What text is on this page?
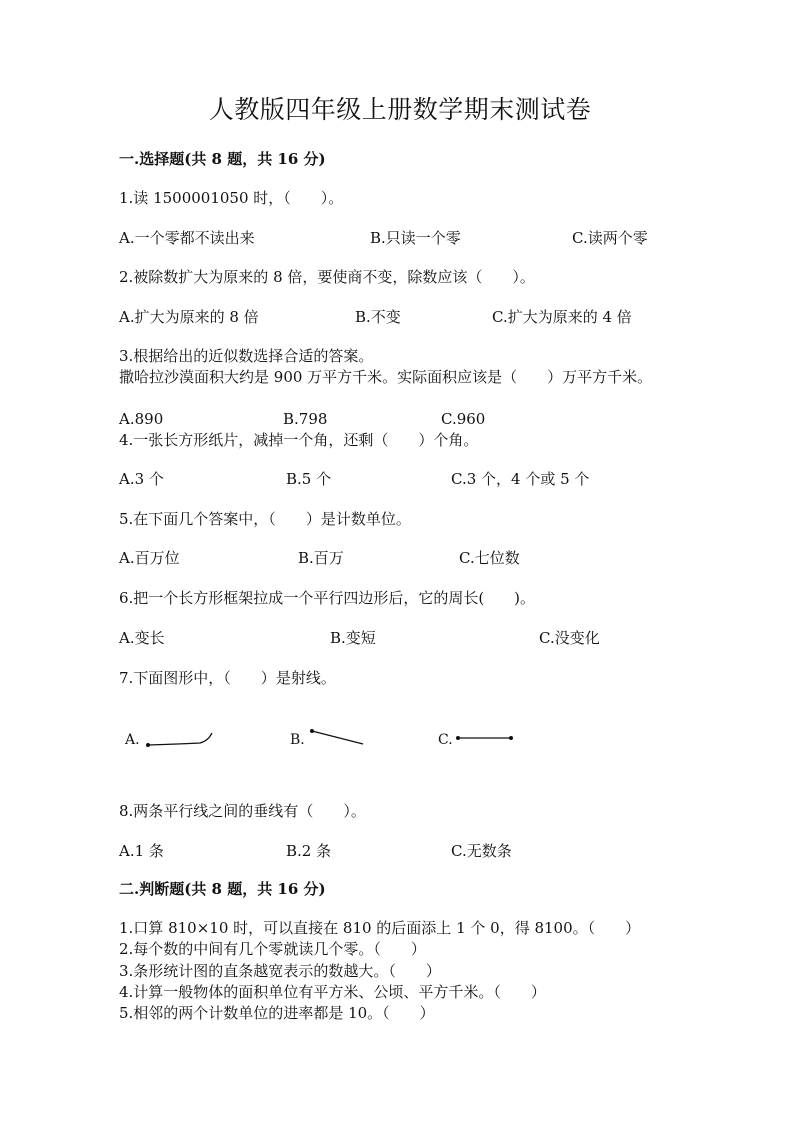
人教版四年级上册数学期末测试卷
一.选择题(共 8 题，共 16 分)
1.读 1500001050 时，（　　）。
A.一个零都不读出来	B.只读一个零	C.读两个零
2.被除数扩大为原来的 8 倍，要使商不变，除数应该（　　）。
A.扩大为原来的 8 倍	B.不变	C.扩大为原来的 4 倍
3.根据给出的近似数选择合适的答案。
撒哈拉沙漠面积大约是 900 万平方千米。实际面积应该是（　　）万平方千米。
A.890	B.798	C.960
4.一张长方形纸片，减掉一个角，还剩（　　）个角。
A.3 个	B.5 个	C.3 个，4 个或 5 个
5.在下面几个答案中，（　　）是计数单位。
A.百万位	B.百万	C.七位数
6.把一个长方形框架拉成一个平行四边形后，它的周长(　　)。
A.变长	B.变短	C.没变化
7.下面图形中，（　　）是射线。
A.	B.	C.
8.两条平行线之间的垂线有（　　）。
A.1 条	B.2 条	C.无数条
二.判断题(共 8 题，共 16 分)
1.口算 810×10 时，可以直接在 810 的后面添上 1 个 0，得 8100。（　　）
2.每个数的中间有几个零就读几个零。（　　）
3.条形统计图的直条越宽表示的数越大。（　　）
4.计算一般物体的面积单位有平方米、公顷、平方千米。（　　）
5.相邻的两个计数单位的进率都是 10。（　　）
